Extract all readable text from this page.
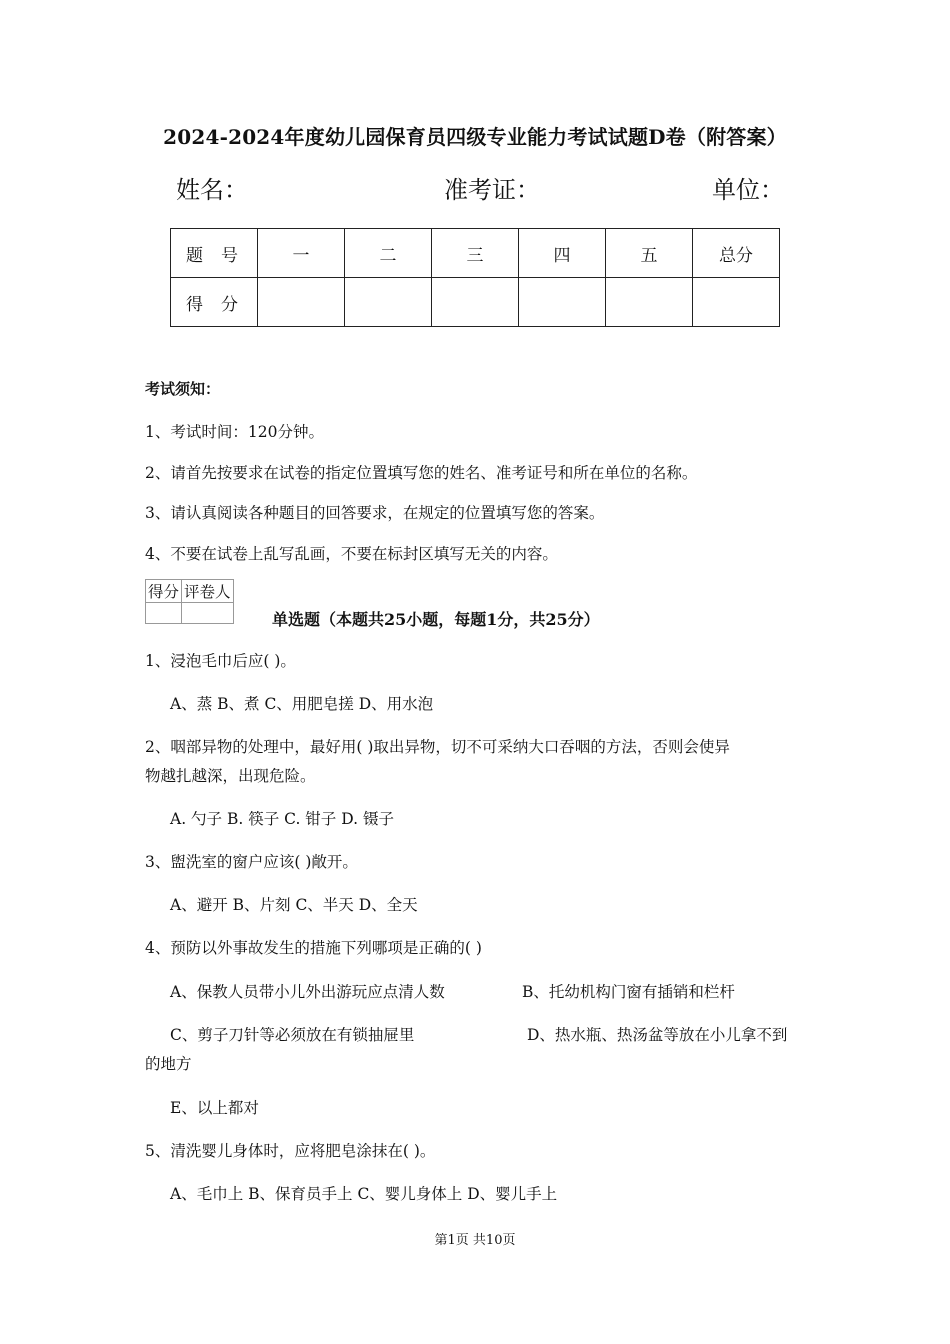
2024-2024年度幼儿园保育员四级专业能力考试试题D卷（附答案）
姓名：	准考证：	单位：
题号	一	二	三	四	五	总分
得分						
考试须知：
1、考试时间：120分钟。
2、请首先按要求在试卷的指定位置填写您的姓名、准考证号和所在单位的名称。
3、请认真阅读各种题目的回答要求，在规定的位置填写您的答案。
4、不要在试卷上乱写乱画，不要在标封区填写无关的内容。
得分	评卷人

单选题（本题共25小题，每题1分，共25分）
1、浸泡毛巾后应( )。
A、蒸 B、煮 C、用肥皂搓 D、用水泡
2、咽部异物的处理中，最好用( )取出异物，切不可采纳大口吞咽的方法，否则会使异
物越扎越深，出现危险。
A. 勺子 B. 筷子 C. 钳子 D. 镊子
3、盥洗室的窗户应该( )敞开。
A、避开 B、片刻 C、半天 D、全天
4、预防以外事故发生的措施下列哪项是正确的( )
A、保教人员带小儿外出游玩应点清人数	B、托幼机构门窗有插销和栏杆
C、剪子刀针等必须放在有锁抽屉里	D、热水瓶、热汤盆等放在小儿拿不到
的地方
E、以上都对
5、清洗婴儿身体时，应将肥皂涂抹在( )。
A、毛巾上 B、保育员手上 C、婴儿身体上 D、婴儿手上
第1页 共10页
